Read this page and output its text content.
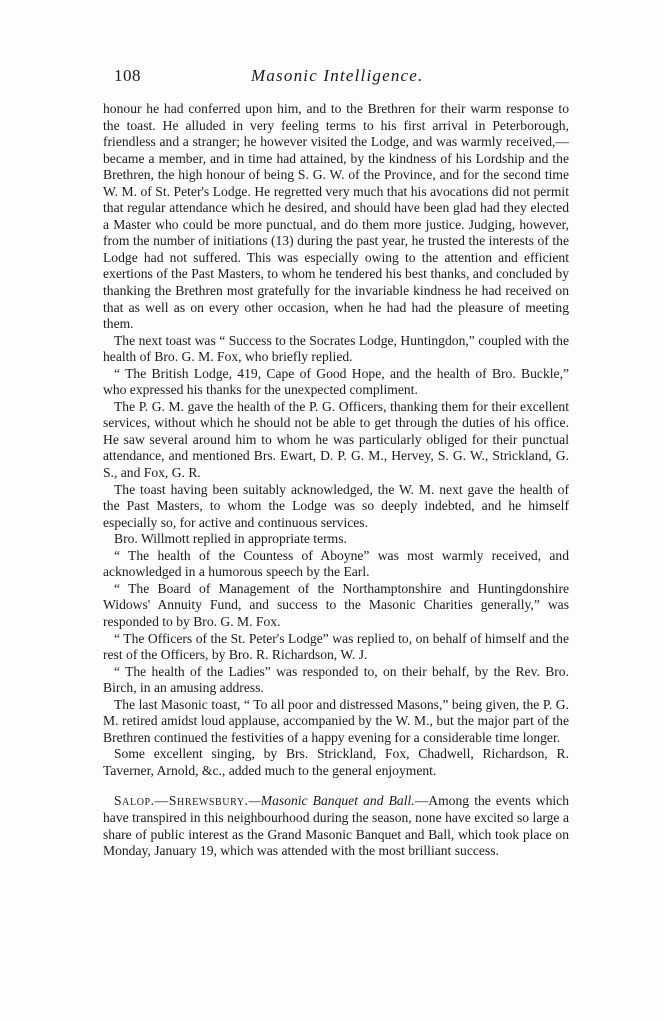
108	Masonic Intelligence.

honour he had conferred upon him, and to the Brethren for their warm response to the toast. He alluded in very feeling terms to his first arrival in Peterborough, friendless and a stranger; he however visited the Lodge, and was warmly received,—became a member, and in time had attained, by the kindness of his Lordship and the Brethren, the high honour of being S. G. W. of the Province, and for the second time W. M. of St. Peter's Lodge. He regretted very much that his avocations did not permit that regular attendance which he desired, and should have been glad had they elected a Master who could be more punctual, and do them more justice. Judging, however, from the number of initiations (13) during the past year, he trusted the interests of the Lodge had not suffered. This was especially owing to the attention and efficient exertions of the Past Masters, to whom he tendered his best thanks, and concluded by thanking the Brethren most gratefully for the invariable kindness he had received on that as well as on every other occasion, when he had had the pleasure of meeting them.

The next toast was “ Success to the Socrates Lodge, Huntingdon,” coupled with the health of Bro. G. M. Fox, who briefly replied.

“ The British Lodge, 419, Cape of Good Hope, and the health of Bro. Buckle,” who expressed his thanks for the unexpected compliment.

The P. G. M. gave the health of the P. G. Officers, thanking them for their excellent services, without which he should not be able to get through the duties of his office. He saw several around him to whom he was particularly obliged for their punctual attendance, and mentioned Brs. Ewart, D. P. G. M., Hervey, S. G. W., Strickland, G. S., and Fox, G. R.

The toast having been suitably acknowledged, the W. M. next gave the health of the Past Masters, to whom the Lodge was so deeply indebted, and he himself especially so, for active and continuous services.

Bro. Willmott replied in appropriate terms.

“ The health of the Countess of Aboyne” was most warmly received, and acknowledged in a humorous speech by the Earl.

“ The Board of Management of the Northamptonshire and Huntingdonshire Widows' Annuity Fund, and success to the Masonic Charities generally,” was responded to by Bro. G. M. Fox.

“ The Officers of the St. Peter's Lodge” was replied to, on behalf of himself and the rest of the Officers, by Bro. R. Richardson, W. J.

“ The health of the Ladies” was responded to, on their behalf, by the Rev. Bro. Birch, in an amusing address.

The last Masonic toast, “ To all poor and distressed Masons,” being given, the P. G. M. retired amidst loud applause, accompanied by the W. M., but the major part of the Brethren continued the festivities of a happy evening for a considerable time longer.

Some excellent singing, by Brs. Strickland, Fox, Chadwell, Richardson, R. Taverner, Arnold, &c., added much to the general enjoyment.

Salop.—Shrewsbury.—Masonic Banquet and Ball.—Among the events which have transpired in this neighbourhood during the season, none have excited so large a share of public interest as the Grand Masonic Banquet and Ball, which took place on Monday, January 19, which was attended with the most brilliant success.
